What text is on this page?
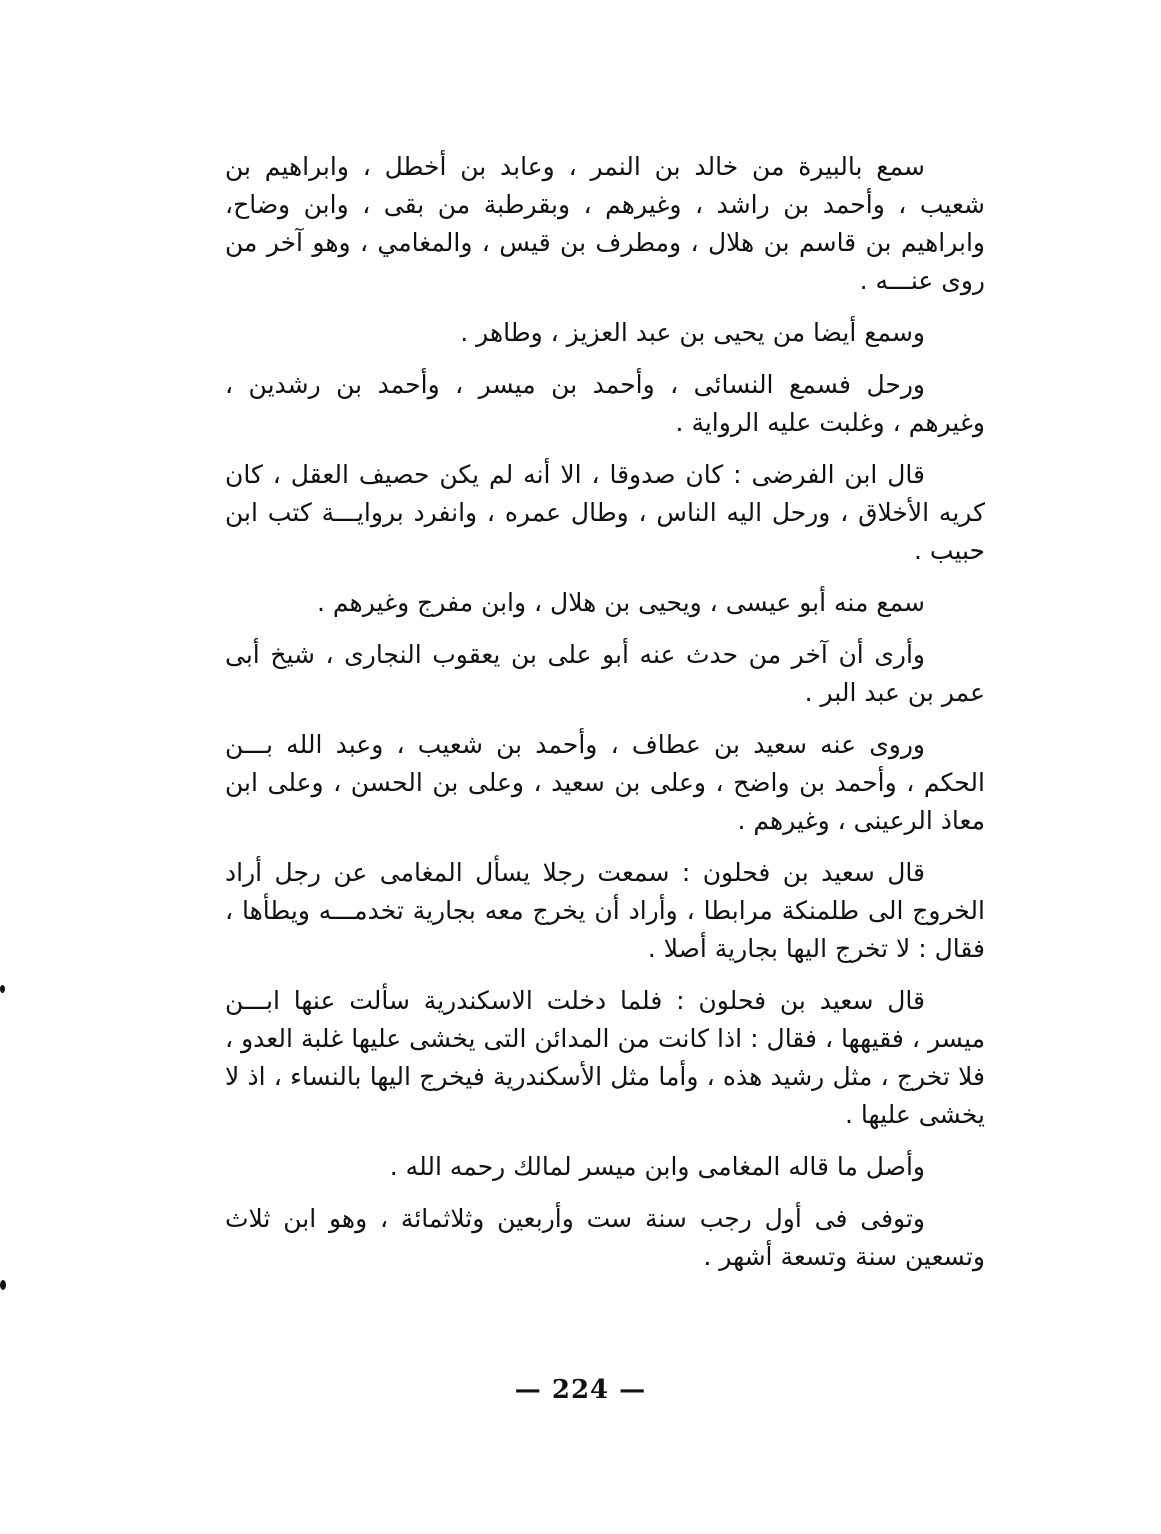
سمع بالبيرة من خالد بن النمر ، وعابد بن أخطل ، وابراهيم بن شعيب ، وأحمد بن راشد ، وغيرهم ، وبقرطبة من بقى ، وابن وضاح، وابراهيم بن قاسم بن هلال ، ومطرف بن قيس ، والمغامي ، وهو آخر من روى عنـــه .

وسمع أيضا من يحيى بن عبد العزيز ، وطاهر .

ورحل فسمع النسائى ، وأحمد بن ميسر ، وأحمد بن رشدين ، وغيرهم ، وغلبت عليه الرواية .

قال ابن الفرضى : كان صدوقا ، الا أنه لم يكن حصيف العقل ، كان كريه الأخلاق ، ورحل اليه الناس ، وطال عمره ، وانفرد بروايـــة كتب ابن حبيب .

سمع منه أبو عيسى ، ويحيى بن هلال ، وابن مفرج وغيرهم .

وأرى أن آخر من حدث عنه أبو على بن يعقوب النجارى ، شيخ أبى عمر بن عبد البر .

وروى عنه سعيد بن عطاف ، وأحمد بن شعيب ، وعبد الله بـــن الحكم ، وأحمد بن واضح ، وعلى بن سعيد ، وعلى بن الحسن ، وعلى ابن معاذ الرعينى ، وغيرهم .

قال سعيد بن فحلون : سمعت رجلا يسأل المغامى عن رجل أراد الخروج الى طلمنكة مرابطا ، وأراد أن يخرج معه بجارية تخدمـــه ويطأها ، فقال : لا تخرج اليها بجارية أصلا .

قال سعيد بن فحلون : فلما دخلت الاسكندرية سألت عنها ابـــن ميسر ، فقيهها ، فقال : اذا كانت من المدائن التى يخشى عليها غلبة العدو ، فلا تخرج ، مثل رشيد هذه ، وأما مثل الأسكندرية فيخرج اليها بالنساء ، اذ لا يخشى عليها .

وأصل ما قاله المغامى وابن ميسر لمالك رحمه الله .

وتوفى فى أول رجب سنة ست وأربعين وثلاثمائة ، وهو ابن ثلاث وتسعين سنة وتسعة أشهر .

— 224 —
